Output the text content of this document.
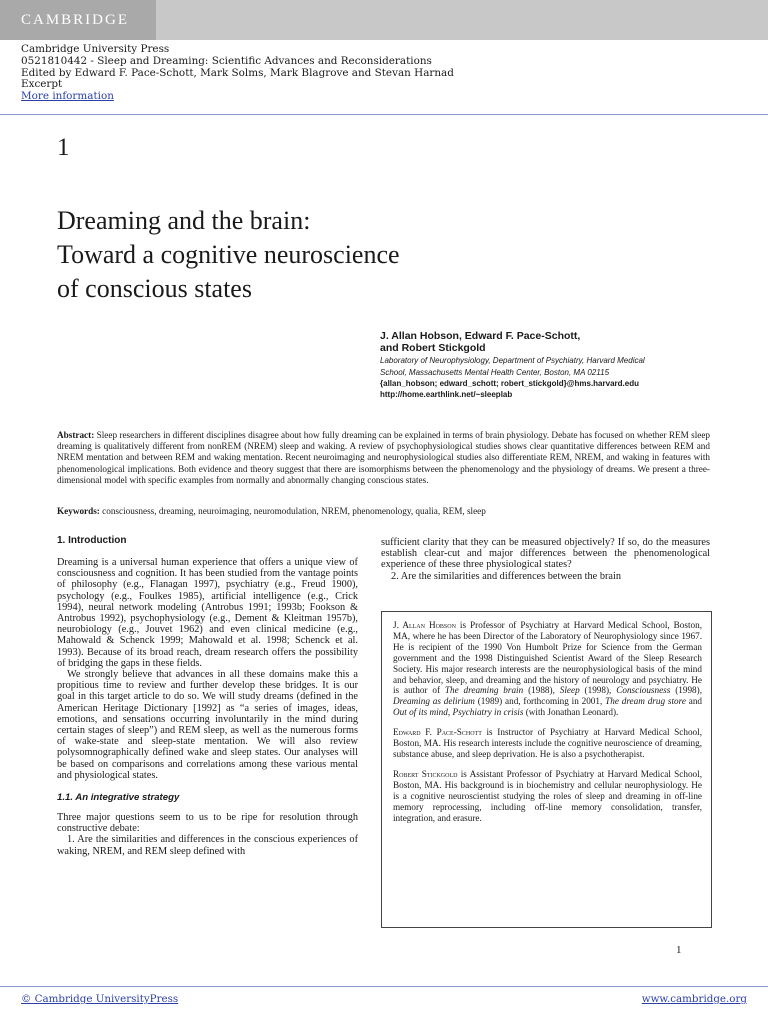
CAMBRIDGE
Cambridge University Press
0521810442 - Sleep and Dreaming: Scientific Advances and Reconsiderations
Edited by Edward F. Pace-Schott, Mark Solms, Mark Blagrove and Stevan Harnad
Excerpt
More information
1
Dreaming and the brain:
Toward a cognitive neuroscience
of conscious states
J. Allan Hobson, Edward F. Pace-Schott,
and Robert Stickgold
Laboratory of Neurophysiology, Department of Psychiatry, Harvard Medical
School, Massachusetts Mental Health Center, Boston, MA 02115
{allan_hobson; edward_schott; robert_stickgold}@hms.harvard.edu
http://home.earthlink.net/~sleeplab
Abstract: Sleep researchers in different disciplines disagree about how fully dreaming can be explained in terms of brain physiology. Debate has focused on whether REM sleep dreaming is qualitatively different from nonREM (NREM) sleep and waking. A review of psychophysiological studies shows clear quantitative differences between REM and NREM mentation and between REM and waking mentation. Recent neuroimaging and neurophysiological studies also differentiate REM, NREM, and waking in features with phenomenological implications. Both evidence and theory suggest that there are isomorphisms between the phenomenology and the physiology of dreams. We present a three-dimensional model with specific examples from normally and abnormally changing conscious states.
Keywords: consciousness, dreaming, neuroimaging, neuromodulation, NREM, phenomenology, qualia, REM, sleep
1. Introduction

Dreaming is a universal human experience that offers a unique view of consciousness and cognition. It has been studied from the vantage points of philosophy (e.g., Flanagan 1997), psychiatry (e.g., Freud 1900), psychology (e.g., Foulkes 1985), artificial intelligence (e.g., Crick 1994), neural network modeling (Antrobus 1991; 1993b; Fookson & Antrobus 1992), psychophysiology (e.g., Dement & Kleitman 1957b), neurobiology (e.g., Jouvet 1962) and even clinical medicine (e.g., Mahowald & Schenck 1999; Mahowald et al. 1998; Schenck et al. 1993). Because of its broad reach, dream research offers the possibility of bridging the gaps in these fields.

We strongly believe that advances in all these domains make this a propitious time to review and further develop these bridges. It is our goal in this target article to do so. We will study dreams (defined in the American Heritage Dictionary [1992] as “a series of images, ideas, emotions, and sensations occurring involuntarily in the mind during certain stages of sleep”) and REM sleep, as well as the numerous forms of wake-state and sleep-state mentation. We will also review polysomnographically defined wake and sleep states. Our analyses will be based on comparisons and correlations among these various mental and physiological states.

1.1. An integrative strategy

Three major questions seem to us to be ripe for resolution through constructive debate:

1. Are the similarities and differences in the conscious experiences of waking, NREM, and REM sleep defined with

sufficient clarity that they can be measured objectively? If so, do the measures establish clear-cut and major differences between the phenomenological experience of these three physiological states?

2. Are the similarities and differences between the brain

J. Allan Hobson is Professor of Psychiatry at Harvard Medical School, Boston, MA, where he has been Director of the Laboratory of Neurophysiology since 1967. He is recipient of the 1990 Von Humbolt Prize for Science from the German government and the 1998 Distinguished Scientist Award of the Sleep Research Society. His major research interests are the neurophysiological basis of the mind and behavior, sleep, and dreaming and the history of neurology and psychiatry. He is author of The dreaming brain (1988), Sleep (1998), Consciousness (1998), Dreaming as delirium (1989) and, forthcoming in 2001, The dream drug store and Out of its mind, Psychiatry in crisis (with Jonathan Leonard).

Edward F. Pace-Schott is Instructor of Psychiatry at Harvard Medical School, Boston, MA. His research interests include the cognitive neuroscience of dreaming, substance abuse, and sleep deprivation. He is also a psychotherapist.

Robert Stickgold is Assistant Professor of Psychiatry at Harvard Medical School, Boston, MA. His background is in biochemistry and cellular neurophysiology. He is a cognitive neuroscientist studying the roles of sleep and dreaming in off-line memory reprocessing, including off-line memory consolidation, transfer, integration, and erasure.

1
© Cambridge UniversityPress	www.cambridge.org
